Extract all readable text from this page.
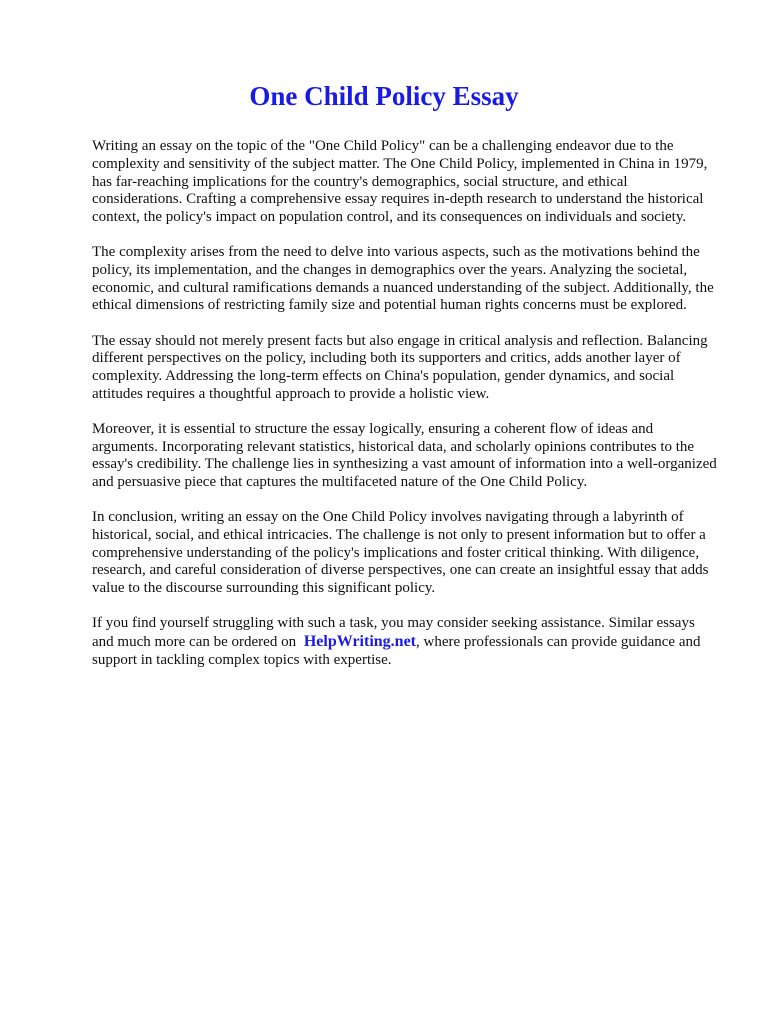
One Child Policy Essay

Writing an essay on the topic of the "One Child Policy" can be a challenging endeavor due to the complexity and sensitivity of the subject matter. The One Child Policy, implemented in China in 1979, has far-reaching implications for the country's demographics, social structure, and ethical considerations. Crafting a comprehensive essay requires in-depth research to understand the historical context, the policy's impact on population control, and its consequences on individuals and society.

The complexity arises from the need to delve into various aspects, such as the motivations behind the policy, its implementation, and the changes in demographics over the years. Analyzing the societal, economic, and cultural ramifications demands a nuanced understanding of the subject. Additionally, the ethical dimensions of restricting family size and potential human rights concerns must be explored.

The essay should not merely present facts but also engage in critical analysis and reflection. Balancing different perspectives on the policy, including both its supporters and critics, adds another layer of complexity. Addressing the long-term effects on China's population, gender dynamics, and social attitudes requires a thoughtful approach to provide a holistic view.

Moreover, it is essential to structure the essay logically, ensuring a coherent flow of ideas and arguments. Incorporating relevant statistics, historical data, and scholarly opinions contributes to the essay's credibility. The challenge lies in synthesizing a vast amount of information into a well-organized and persuasive piece that captures the multifaceted nature of the One Child Policy.

In conclusion, writing an essay on the One Child Policy involves navigating through a labyrinth of historical, social, and ethical intricacies. The challenge is not only to present information but to offer a comprehensive understanding of the policy's implications and foster critical thinking. With diligence, research, and careful consideration of diverse perspectives, one can create an insightful essay that adds value to the discourse surrounding this significant policy.

If you find yourself struggling with such a task, you may consider seeking assistance. Similar essays and much more can be ordered on HelpWriting.net, where professionals can provide guidance and support in tackling complex topics with expertise.
